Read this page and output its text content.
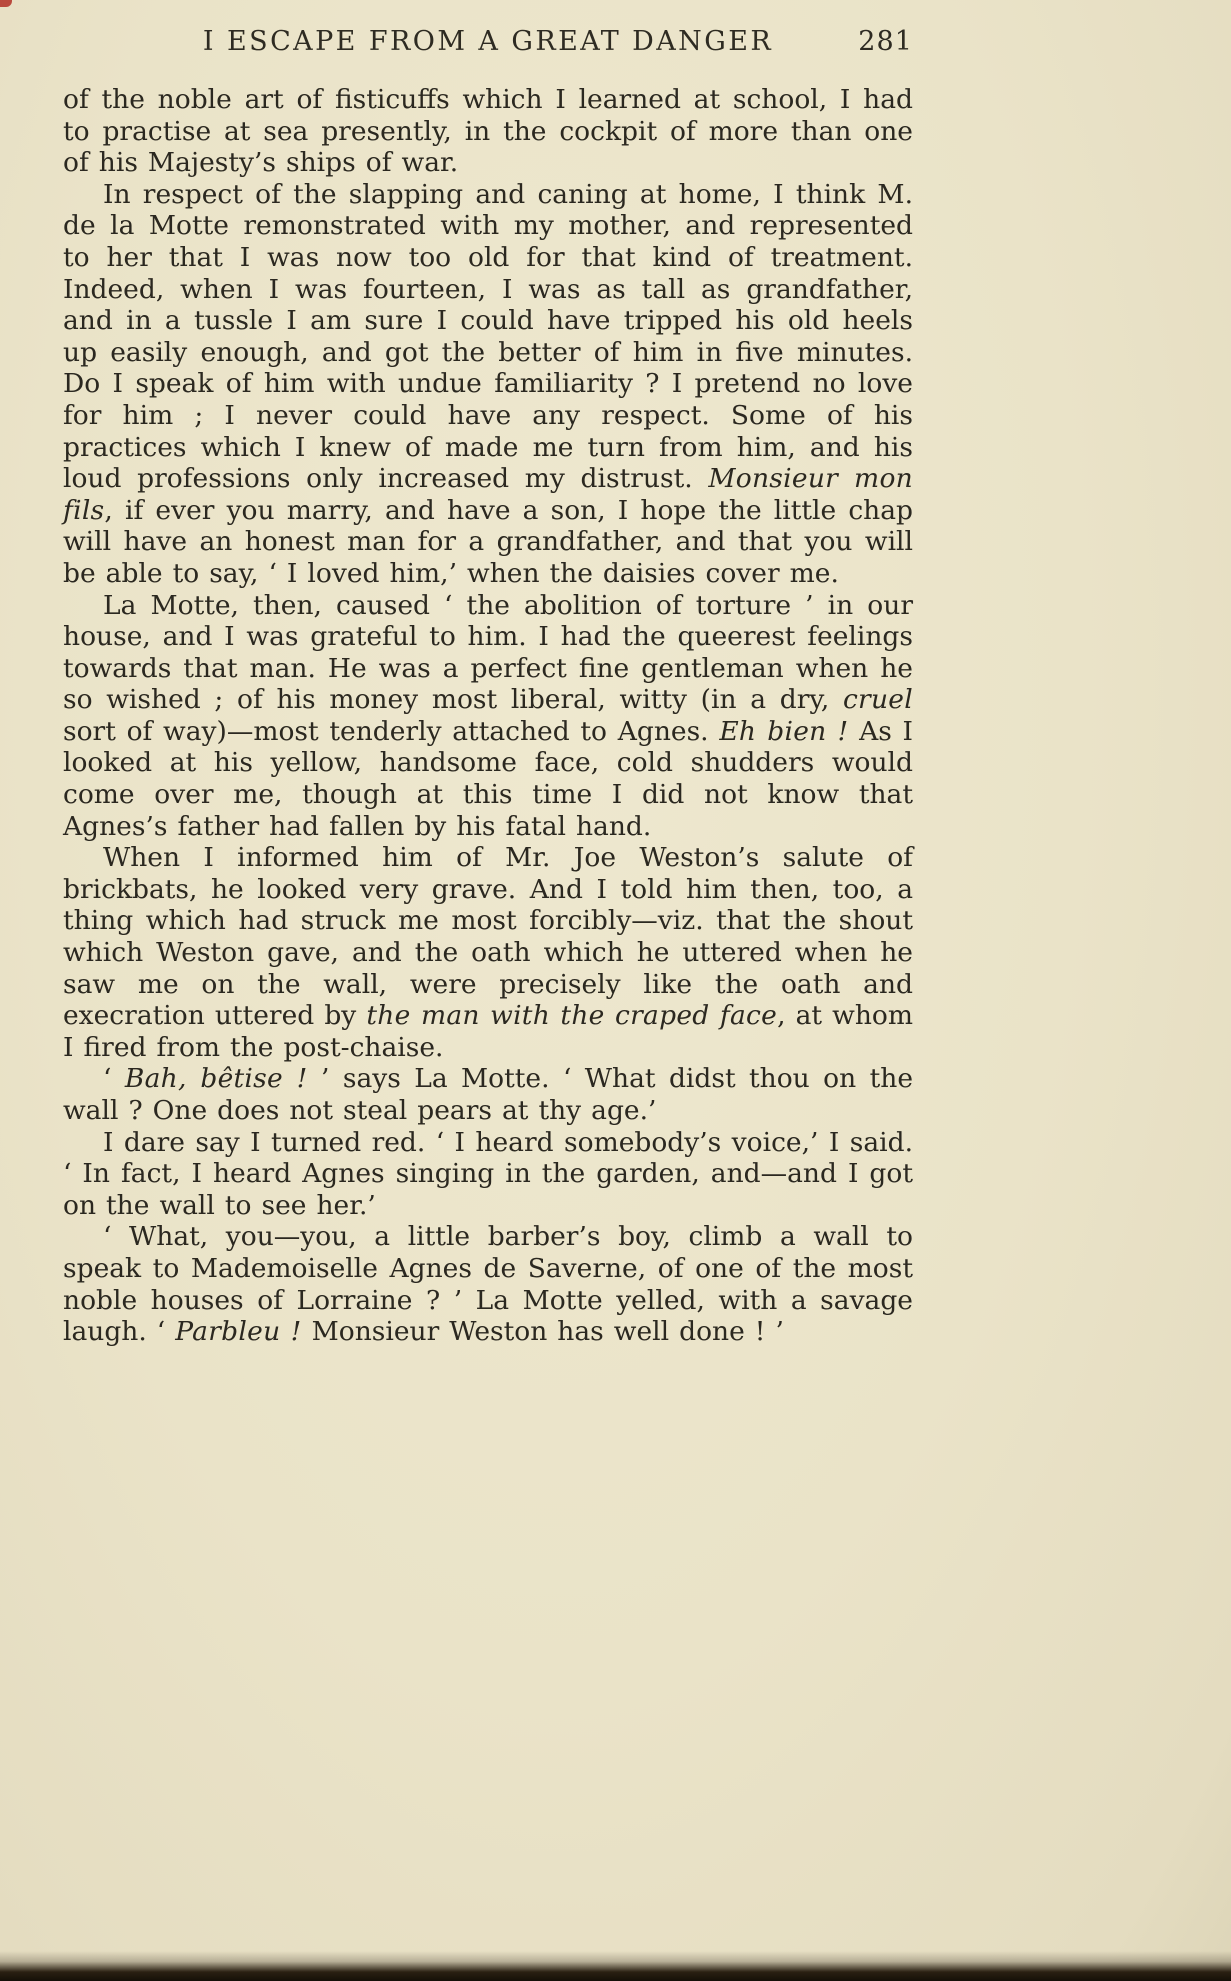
I ESCAPE FROM A GREAT DANGER	281

of the noble art of fisticuffs which I learned at school, I had to practise at sea presently, in the cockpit of more than one of his Majesty’s ships of war.

In respect of the slapping and caning at home, I think M. de la Motte remonstrated with my mother, and represented to her that I was now too old for that kind of treatment. Indeed, when I was fourteen, I was as tall as grandfather, and in a tussle I am sure I could have tripped his old heels up easily enough, and got the better of him in five minutes. Do I speak of him with undue familiarity ? I pretend no love for him ; I never could have any respect. Some of his practices which I knew of made me turn from him, and his loud professions only increased my distrust. Monsieur mon fils, if ever you marry, and have a son, I hope the little chap will have an honest man for a grandfather, and that you will be able to say, ‘ I loved him,’ when the daisies cover me.

La Motte, then, caused ‘ the abolition of torture ’ in our house, and I was grateful to him. I had the queerest feelings towards that man. He was a perfect fine gentleman when he so wished ; of his money most liberal, witty (in a dry, cruel sort of way)—most tenderly attached to Agnes. Eh bien ! As I looked at his yellow, handsome face, cold shudders would come over me, though at this time I did not know that Agnes’s father had fallen by his fatal hand.

When I informed him of Mr. Joe Weston’s salute of brickbats, he looked very grave. And I told him then, too, a thing which had struck me most forcibly—viz. that the shout which Weston gave, and the oath which he uttered when he saw me on the wall, were precisely like the oath and execration uttered by the man with the craped face, at whom I fired from the post-chaise.

‘ Bah, bêtise ! ’ says La Motte. ‘ What didst thou on the wall ? One does not steal pears at thy age.’

I dare say I turned red. ‘ I heard somebody’s voice,’ I said. ‘ In fact, I heard Agnes singing in the garden, and—and I got on the wall to see her.’

‘ What, you—you, a little barber’s boy, climb a wall to speak to Mademoiselle Agnes de Saverne, of one of the most noble houses of Lorraine ? ’ La Motte yelled, with a savage laugh. ‘ Parbleu ! Monsieur Weston has well done ! ’
